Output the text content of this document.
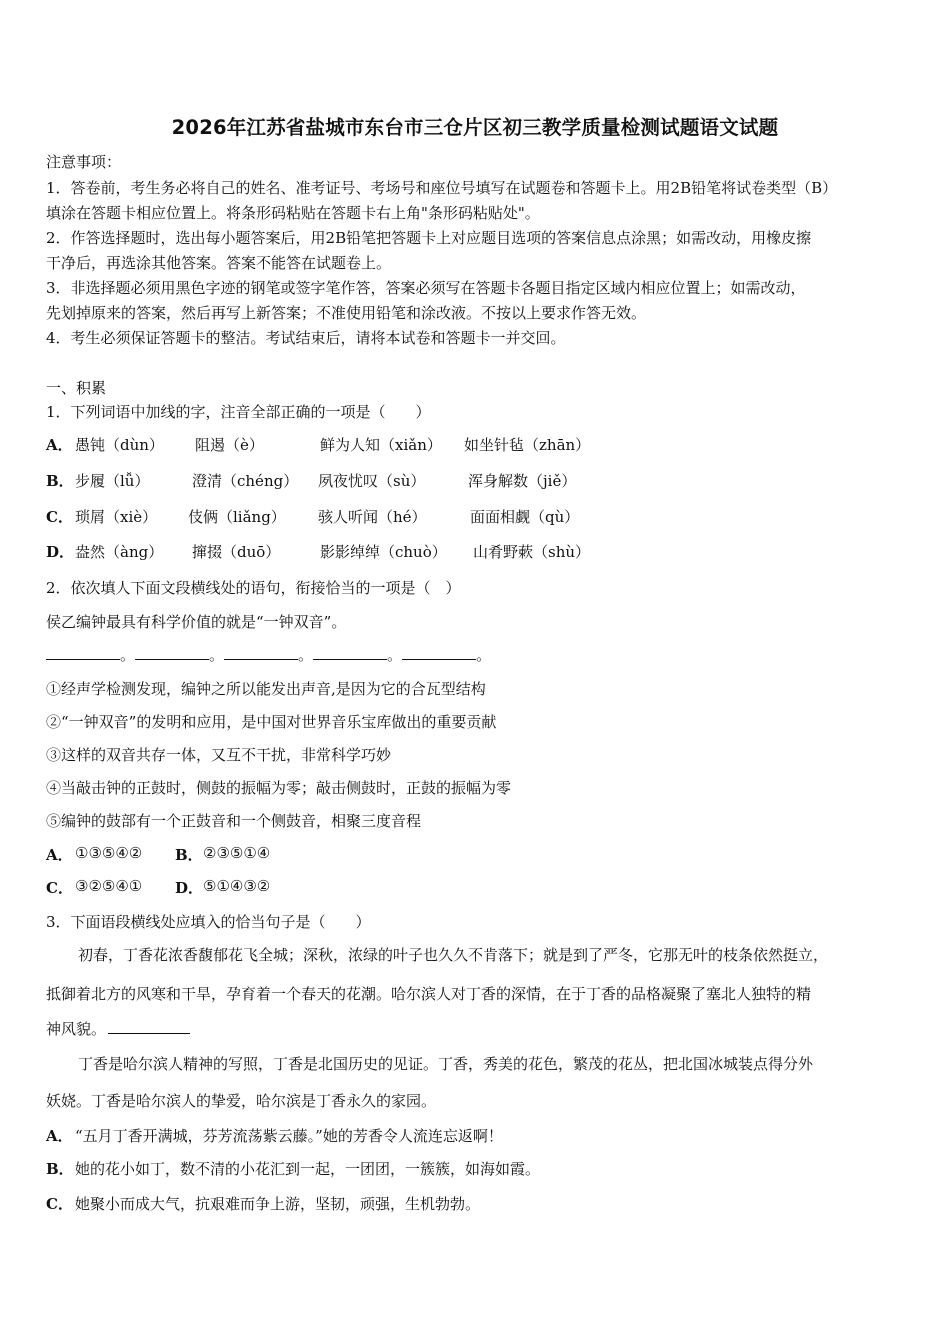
2026年江苏省盐城市东台市三仓片区初三教学质量检测试题语文试题
注意事项：
1．答卷前，考生务必将自己的姓名、准考证号、考场号和座位号填写在试题卷和答题卡上。用2B铅笔将试卷类型（B）
填涂在答题卡相应位置上。将条形码粘贴在答题卡右上角"条形码粘贴处"。
2．作答选择题时，选出每小题答案后，用2B铅笔把答题卡上对应题目选项的答案信息点涂黑；如需改动，用橡皮擦
干净后，再选涂其他答案。答案不能答在试题卷上。
3．非选择题必须用黑色字迹的钢笔或签字笔作答，答案必须写在答题卡各题目指定区域内相应位置上；如需改动，
先划掉原来的答案，然后再写上新答案；不准使用铅笔和涂改液。不按以上要求作答无效。
4．考生必须保证答题卡的整洁。考试结束后，请将本试卷和答题卡一并交回。
一、积累
1．下列词语中加线的字，注音全部正确的一项是（　　）
A． 愚钝（dùn） 阻遏（è）	鲜为人知（xiǎn） 如坐针毡（zhān）
B． 步履（lǚ）	澄清（chéng） 夙夜忧叹（sù）	浑身解数（jiě）
C． 琐屑（xiè） 伎俩（liǎng） 骇人听闻（hé）	面面相觑（qù）
D． 盎然（àng） 撺掇（duō）	影影绰绰（chuò） 山肴野蔌（shù）
2．依次填人下面文段横线处的语句，衔接恰当的一项是（　）
侯乙编钟最具有科学价值的就是“一钟双音”。
。	。	。	。	。
①经声学检测发现，编钟之所以能发出声音,是因为它的合瓦型结构
②“一钟双音”的发明和应用，是中国对世界音乐宝库做出的重要贡献
③这样的双音共存一体，又互不干扰，非常科学巧妙
④当敲击钟的正鼓时，侧鼓的振幅为零；敲击侧鼓时，正鼓的振幅为零
⑤编钟的鼓部有一个正鼓音和一个侧鼓音，相聚三度音程
A． ①③⑤④② B． ②③⑤①④
C． ③②⑤④① D． ⑤①④③②
3．下面语段横线处应填入的恰当句子是（　　）
初春，丁香花浓香馥郁花飞全城；深秋，浓绿的叶子也久久不肯落下；就是到了严冬，它那无叶的枝条依然挺立，
抵御着北方的风寒和干旱，孕育着一个春天的花潮。哈尔滨人对丁香的深情，在于丁香的品格凝聚了塞北人独特的精
神风貌。
丁香是哈尔滨人精神的写照，丁香是北国历史的见证。丁香，秀美的花色，繁茂的花丛，把北国冰城装点得分外
妖娆。丁香是哈尔滨人的挚爱，哈尔滨是丁香永久的家园。
A． “五月丁香开满城，芬芳流荡紫云藤。”她的芳香令人流连忘返啊！
B． 她的花小如丁，数不清的小花汇到一起，一团团，一簇簇，如海如霞。
C． 她聚小而成大气，抗艰难而争上游，坚韧，顽强，生机勃勃。
